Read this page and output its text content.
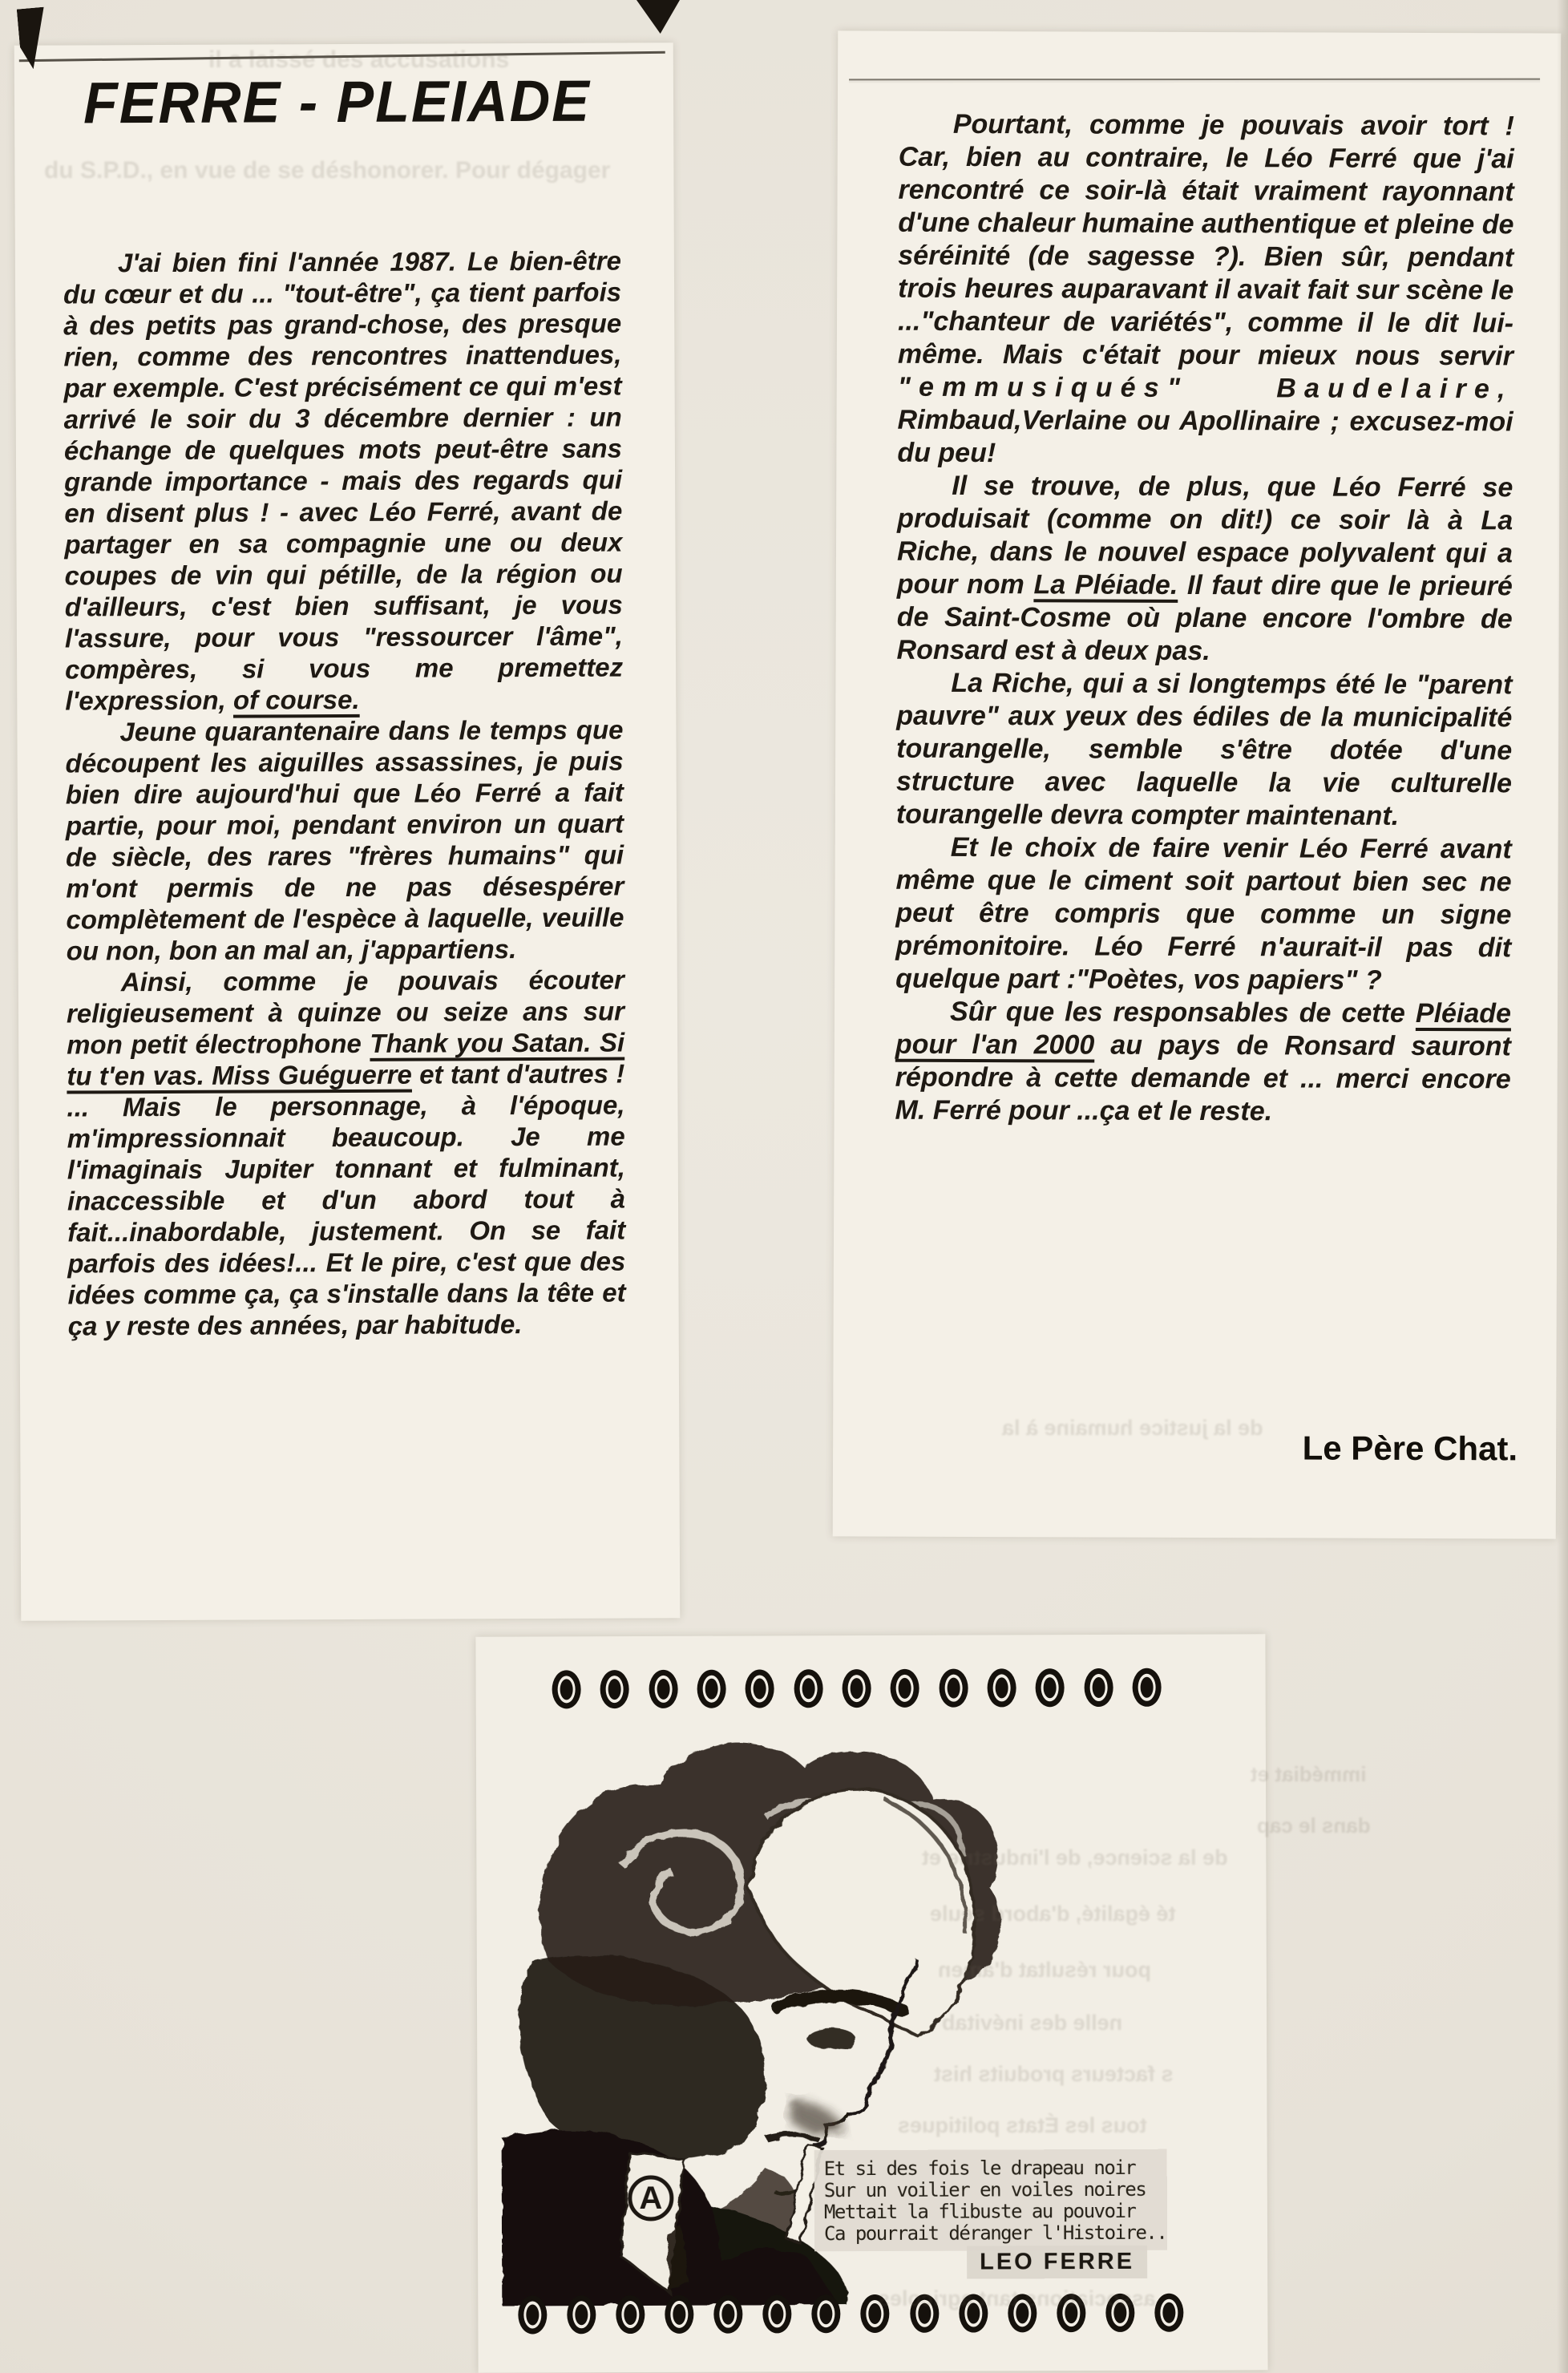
FERRE - PLEIADE

J'ai bien fini l'année 1987. Le bien-être du cœur et du ... "tout-être", ça tient parfois à des petits pas grand-chose, des presque rien, comme des rencontres inattendues, par exemple. C'est précisément ce qui m'est arrivé le soir du 3 décembre dernier : un échange de quelques mots peut-être sans grande importance - mais des regards qui en disent plus ! - avec Léo Ferré, avant de partager en sa compagnie une ou deux coupes de vin qui pétille, de la région ou d'ailleurs, c'est bien suffisant, je vous l'assure, pour vous "ressourcer l'âme", compères, si vous me premettez l'expression, of course.

Jeune quarantenaire dans le temps que découpent les aiguilles assassines, je puis bien dire aujourd'hui que Léo Ferré a fait partie, pour moi, pendant environ un quart de siècle, des rares "frères humains" qui m'ont permis de ne pas désespérer complètement de l'espèce à laquelle, veuille ou non, bon an mal an, j'appartiens.

Ainsi, comme je pouvais écouter religieusement à quinze ou seize ans sur mon petit électrophone Thank you Satan. Si tu t'en vas. Miss Guéguerre et tant d'autres ! ... Mais le personnage, à l'époque, m'impressionnait beaucoup. Je me l'imaginais Jupiter tonnant et fulminant, inaccessible et d'un abord tout à fait...inabordable, justement. On se fait parfois des idées!... Et le pire, c'est que des idées comme ça, ça s'installe dans la tête et ça y reste des années, par habitude.

Pourtant, comme je pouvais avoir tort ! Car, bien au contraire, le Léo Ferré que j'ai rencontré ce soir-là était vraiment rayonnant d'une chaleur humaine authentique et pleine de séréinité (de sagesse ?). Bien sûr, pendant trois heures auparavant il avait fait sur scène le ..."chanteur de variétés", comme il le dit lui-même. Mais c'était pour mieux nous servir "emmusiqués"	Baudelaire, Rimbaud,Verlaine ou Apollinaire ; excusez-moi du peu!

Il se trouve, de plus, que Léo Ferré se produisait (comme on dit!) ce soir là à La Riche, dans le nouvel espace polyvalent qui a pour nom La Pléiade. Il faut dire que le prieuré de Saint-Cosme où plane encore l'ombre de Ronsard est à deux pas.

La Riche, qui a si longtemps été le "parent pauvre" aux yeux des édiles de la municipalité tourangelle, semble s'être dotée d'une structure avec laquelle la vie culturelle tourangelle devra compter maintenant.

Et le choix de faire venir Léo Ferré avant même que le ciment soit partout bien sec ne peut être compris que comme un signe prémonitoire. Léo Ferré n'aurait-il pas dit quelque part :"Poètes, vos papiers" ?

Sûr que les responsables de cette Pléiade pour l'an 2000 au pays de Ronsard sauront répondre à cette demande et ... merci encore M. Ferré pour ...ça et le reste.

Le Père Chat.
A
Et si des fois le drapeau noir
Sur un voilier en voiles noires
Mettait la flibuste au pouvoir
Ca pourrait déranger l'Histoire..
LEO FERRE
immédiat et
dans le cap
